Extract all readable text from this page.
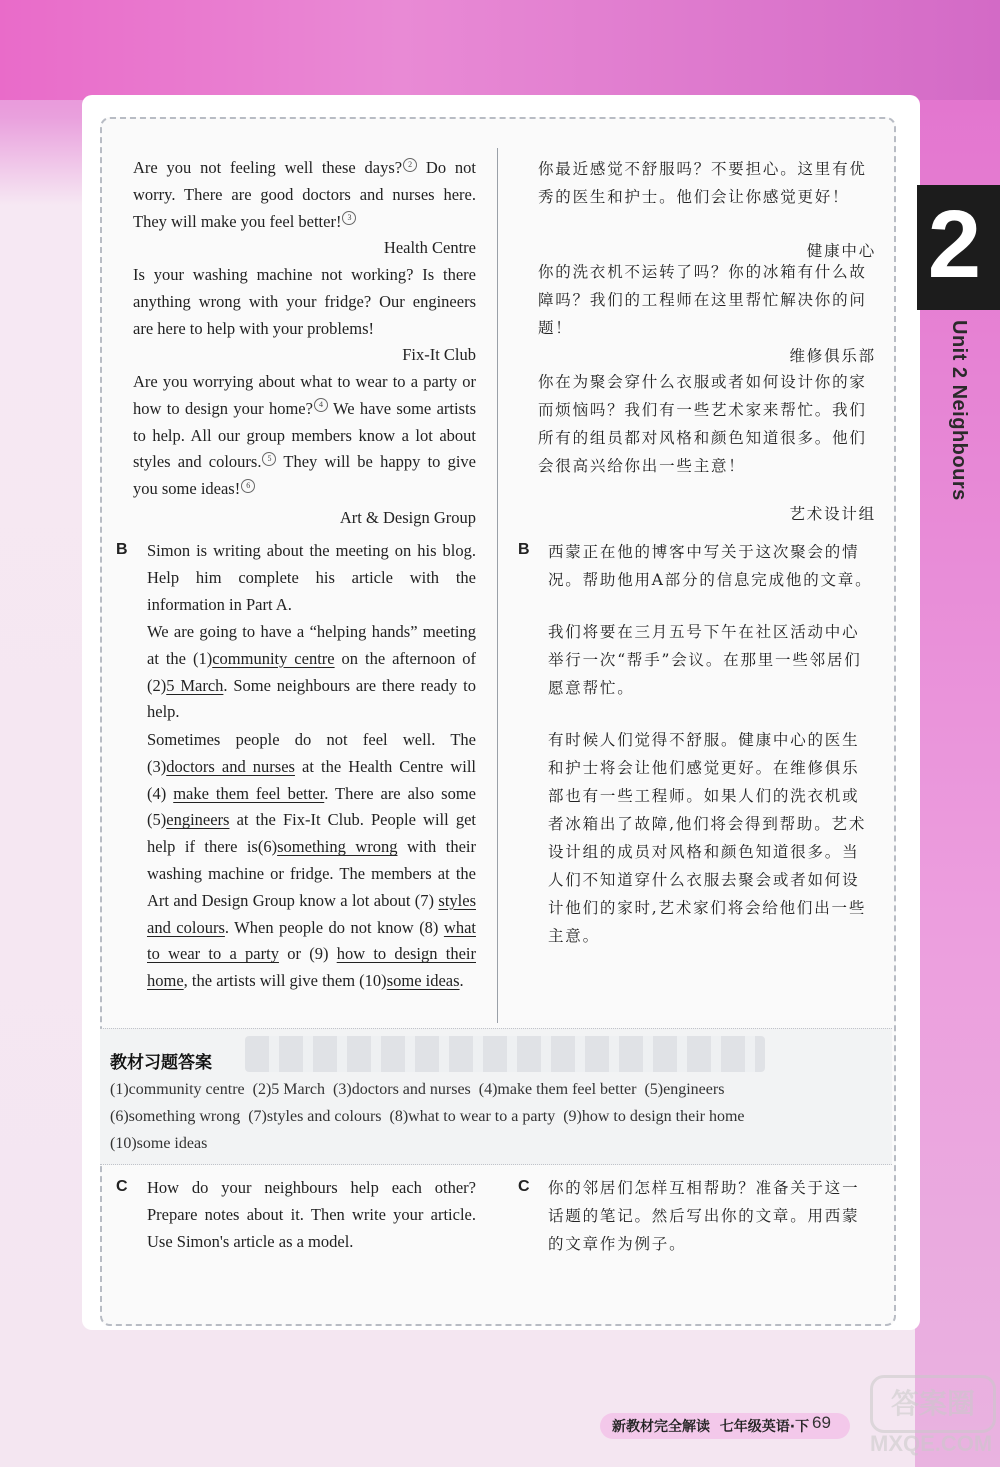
2
Unit 2 Neighbours

Are you not feeling well these days? 2 Do not worry. There are good doctors and nurses here. They will make you feel better! 3

Health Centre

Is your washing machine not working? Is there anything wrong with your fridge? Our engineers are here to help with your problems!

Fix-It Club

Are you worrying about what to wear to a party or how to design your home? 4 We have some artists to help. All our group members know a lot about styles and colours. 5 They will be happy to give you some ideas! 6

Art & Design Group

你最近感觉不舒服吗？不要担心。这里有优秀的医生和护士。他们会让你感觉更好！

健康中心

你的洗衣机不运转了吗？你的冰箱有什么故障吗？我们的工程师在这里帮忙解决你的问题！

维修俱乐部

你在为聚会穿什么衣服或者如何设计你的家而烦恼吗？我们有一些艺术家来帮忙。我们所有的组员都对风格和颜色知道很多。他们会很高兴给你出一些主意！

艺术设计组

B Simon is writing about the meeting on his blog. Help him complete his article with the information in Part A.
We are going to have a “helping hands” meeting at the (1)community centre on the afternoon of (2)5 March. Some neighbours are there ready to help.
Sometimes people do not feel well. The (3)doctors and nurses at the Health Centre will (4) make them feel better. There are also some (5)engineers at the Fix-It Club. People will get help if there is(6)something wrong with their washing machine or fridge. The members at the Art and Design Group know a lot about (7) styles and colours. When people do not know (8) what to wear to a party or (9) how to design their home, the artists will give them (10)some ideas.
B 西蒙正在他的博客中写关于这次聚会的情况。帮助他用A部分的信息完成他的文章。
我们将要在三月五号下午在社区活动中心举行一次“帮手”会议。在那里一些邻居们愿意帮忙。
有时候人们觉得不舒服。健康中心的医生和护士将会让他们感觉更好。在维修俱乐部也有一些工程师。如果人们的洗衣机或者冰箱出了故障,他们将会得到帮助。艺术设计组的成员对风格和颜色知道很多。当人们不知道穿什么衣服去聚会或者如何设计他们的家时,艺术家们将会给他们出一些主意。
教材习题答案
(1)community centre  (2)5 March  (3)doctors and nurses  (4)make them feel better  (5)engineers
(6)something wrong  (7)styles and colours  (8)what to wear to a party  (9)how to design their home
(10)some ideas
C How do your neighbours help each other? Prepare notes about it. Then write your article. Use Simon's article as a model.
C 你的邻居们怎样互相帮助？准备关于这一话题的笔记。然后写出你的文章。用西蒙的文章作为例子。
新教材完全解读  七年级英语·下 69
答案圈
MXQE.COM
